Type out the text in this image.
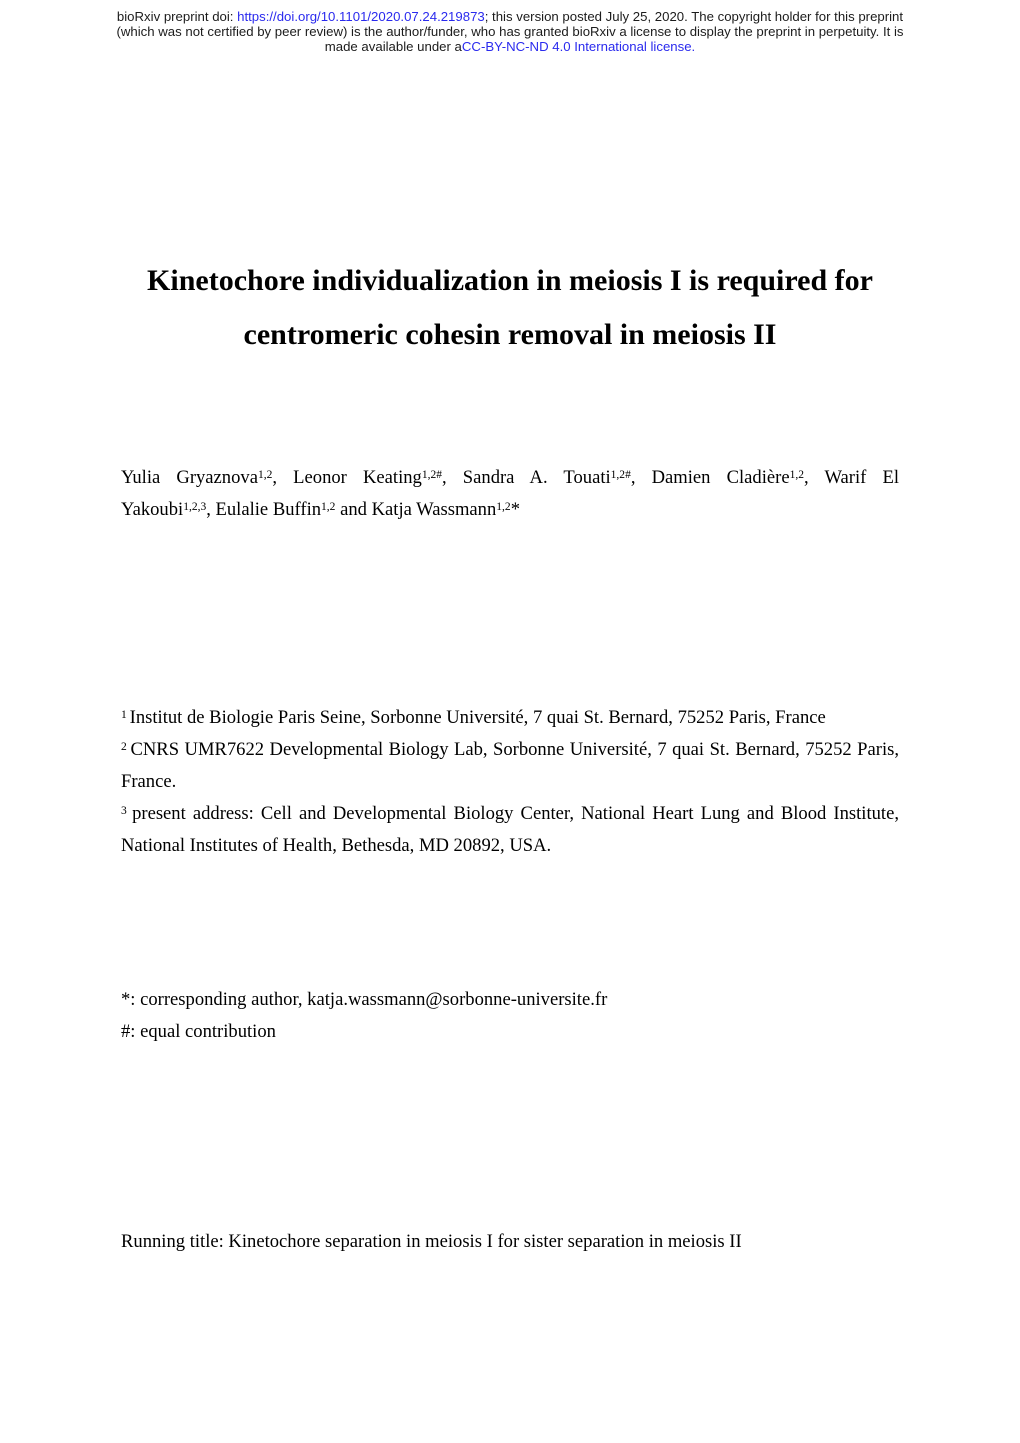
bioRxiv preprint doi: https://doi.org/10.1101/2020.07.24.219873; this version posted July 25, 2020. The copyright holder for this preprint
(which was not certified by peer review) is the author/funder, who has granted bioRxiv a license to display the preprint in perpetuity. It is
made available under aCC-BY-NC-ND 4.0 International license.
Kinetochore individualization in meiosis I is required for
centromeric cohesin removal in meiosis II
Yulia Gryaznova$^{1,2}$, Leonor Keating$^{1,2\#}$, Sandra A. Touati$^{1,2\#}$, Damien Cladière$^{1,2}$, Warif El
Yakoubi$^{1,2,3}$, Eulalie Buffin$^{1,2}$ and Katja Wassmann$^{1,2}$*
$^1$ Institut de Biologie Paris Seine, Sorbonne Université, 7 quai St. Bernard, 75252 Paris, France
$^2$ CNRS UMR7622 Developmental Biology Lab, Sorbonne Université, 7 quai St. Bernard, 75252 Paris,
France.
$^3$ present address: Cell and Developmental Biology Center, National Heart Lung and Blood Institute,
National Institutes of Health, Bethesda, MD 20892, USA.
*: corresponding author, katja.wassmann@sorbonne-universite.fr
#: equal contribution
Running title: Kinetochore separation in meiosis I for sister separation in meiosis II
